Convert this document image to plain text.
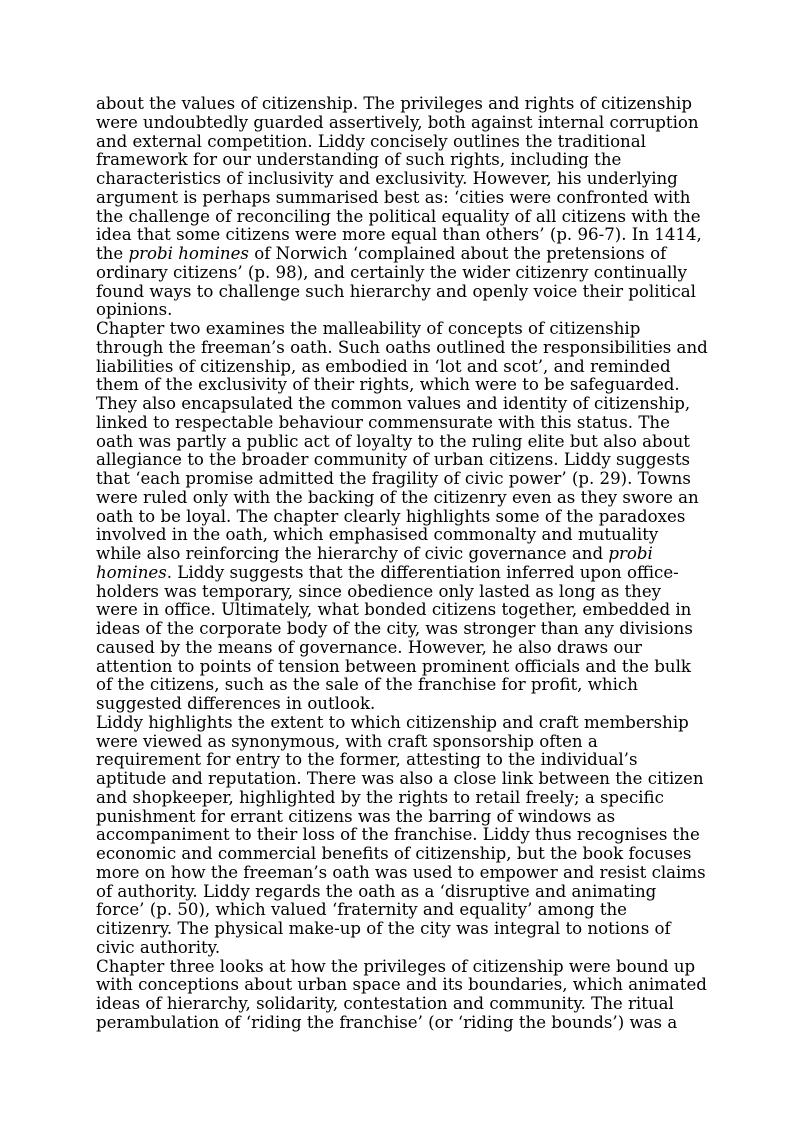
about the values of citizenship. The privileges and rights of citizenship were undoubtedly guarded assertively, both against internal corruption and external competition. Liddy concisely outlines the traditional framework for our understanding of such rights, including the characteristics of inclusivity and exclusivity. However, his underlying argument is perhaps summarised best as: ‘cities were confronted with the challenge of reconciling the political equality of all citizens with the idea that some citizens were more equal than others’ (p. 96-7). In 1414, the probi homines of Norwich ‘complained about the pretensions of ordinary citizens’ (p. 98), and certainly the wider citizenry continually found ways to challenge such hierarchy and openly voice their political opinions.

Chapter two examines the malleability of concepts of citizenship through the freeman’s oath. Such oaths outlined the responsibilities and liabilities of citizenship, as embodied in ‘lot and scot’, and reminded them of the exclusivity of their rights, which were to be safeguarded. They also encapsulated the common values and identity of citizenship, linked to respectable behaviour commensurate with this status. The oath was partly a public act of loyalty to the ruling elite but also about allegiance to the broader community of urban citizens. Liddy suggests that ‘each promise admitted the fragility of civic power’ (p. 29). Towns were ruled only with the backing of the citizenry even as they swore an oath to be loyal. The chapter clearly highlights some of the paradoxes involved in the oath, which emphasised commonalty and mutuality while also reinforcing the hierarchy of civic governance and probi homines. Liddy suggests that the differentiation inferred upon office-holders was temporary, since obedience only lasted as long as they were in office. Ultimately, what bonded citizens together, embedded in ideas of the corporate body of the city, was stronger than any divisions caused by the means of governance. However, he also draws our attention to points of tension between prominent officials and the bulk of the citizens, such as the sale of the franchise for profit, which suggested differences in outlook.

Liddy highlights the extent to which citizenship and craft membership were viewed as synonymous, with craft sponsorship often a requirement for entry to the former, attesting to the individual’s aptitude and reputation. There was also a close link between the citizen and shopkeeper, highlighted by the rights to retail freely; a specific punishment for errant citizens was the barring of windows as accompaniment to their loss of the franchise. Liddy thus recognises the economic and commercial benefits of citizenship, but the book focuses more on how the freeman’s oath was used to empower and resist claims of authority. Liddy regards the oath as a ‘disruptive and animating force’ (p. 50), which valued ‘fraternity and equality’ among the citizenry. The physical make-up of the city was integral to notions of civic authority.

Chapter three looks at how the privileges of citizenship were bound up with conceptions about urban space and its boundaries, which animated ideas of hierarchy, solidarity, contestation and community. The ritual perambulation of ‘riding the franchise’ (or ‘riding the bounds’) was a
